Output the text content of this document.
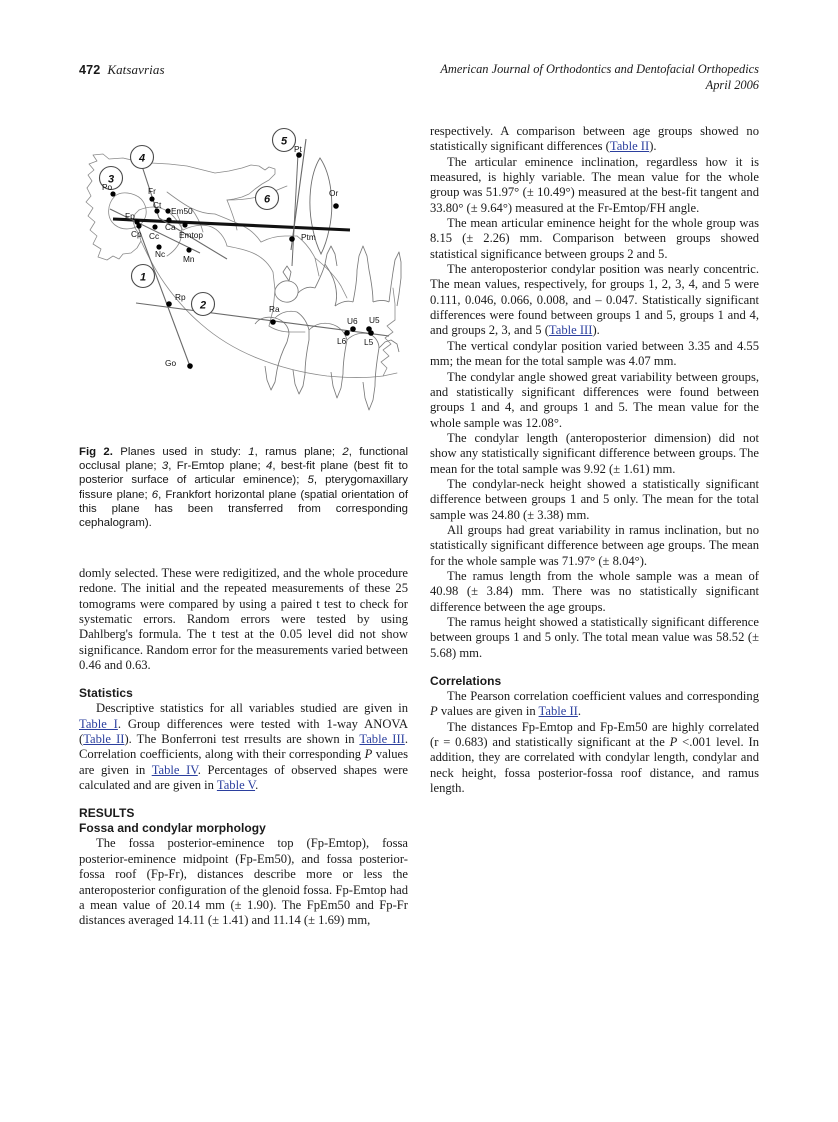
472 Katsavrias	American Journal of Orthodontics and Dentofacial Orthopedics
April 2006
3
4
5
6
1
2
Po	Fr
Fp
Cp Cc
Ct
Ca
Em50
Emtop
Nc Mn
Pt
Or
Ptm
Rp
Ra
Go
U6 U5
L6 L5
Fig 2. Planes used in study: 1, ramus plane; 2, functional occlusal plane; 3, Fr-Emtop plane; 4, best-fit plane (best fit to posterior surface of articular eminence); 5, pterygomaxillary fissure plane; 6, Frankfort horizontal plane (spatial orientation of this plane has been transferred from corresponding cephalogram).

domly selected. These were redigitized, and the whole procedure redone. The initial and the repeated measurements of these 25 tomograms were compared by using a paired t test to check for systematic errors. Random errors were tested by using Dahlberg's formula. The t test at the 0.05 level did not show significance. Random error for the measurements varied between 0.46 and 0.63.

Statistics

Descriptive statistics for all variables studied are given in Table I. Group differences were tested with 1-way ANOVA (Table II). The Bonferroni test rresults are shown in Table III. Correlation coefficients, along with their corresponding P values are given in Table IV. Percentages of observed shapes were calculated and are given in Table V.

RESULTS
Fossa and condylar morphology

The fossa posterior-eminence top (Fp-Emtop), fossa posterior-eminence midpoint (Fp-Em50), and fossa posterior-fossa roof (Fp-Fr), distances describe more or less the anteroposterior configuration of the glenoid fossa. Fp-Emtop had a mean value of 20.14 mm (± 1.90). The FpEm50 and Fp-Fr distances averaged 14.11 (± 1.41) and 11.14 (± 1.69) mm,

respectively. A comparison between age groups showed no statistically significant differences (Table II).

The articular eminence inclination, regardless how it is measured, is highly variable. The mean value for the whole group was 51.97° (± 10.49°) measured at the best-fit tangent and 33.80° (± 9.64°) measured at the Fr-Emtop/FH angle.

The mean articular eminence height for the whole group was 8.15 (± 2.26) mm. Comparison between groups showed statistical significance between groups 2 and 5.

The anteroposterior condylar position was nearly concentric. The mean values, respectively, for groups 1, 2, 3, 4, and 5 were 0.111, 0.046, 0.066, 0.008, and – 0.047. Statistically significant differences were found between groups 1 and 5, groups 1 and 4, and groups 2, 3, and 5 (Table III).

The vertical condylar position varied between 3.35 and 4.55 mm; the mean for the total sample was 4.07 mm.

The condylar angle showed great variability between groups, and statistically significant differences were found between groups 1 and 4, and groups 1 and 5. The mean value for the whole sample was 12.08°.

The condylar length (anteroposterior dimension) did not show any statistically significant difference between groups. The mean for the total sample was 9.92 (± 1.61) mm.

The condylar-neck height showed a statistically significant difference between groups 1 and 5 only. The mean for the total sample was 24.80 (± 3.38) mm.

All groups had great variability in ramus inclination, but no statistically significant difference between age groups. The mean for the whole sample was 71.97° (± 8.04°).

The ramus length from the whole sample was a mean of 40.98 (± 3.84) mm. There was no statistically significant difference between the age groups.

The ramus height showed a statistically significant difference between groups 1 and 5 only. The total mean value was 58.52 (± 5.68) mm.

Correlations

The Pearson correlation coefficient values and corresponding P values are given in Table II.

The distances Fp-Emtop and Fp-Em50 are highly correlated (r = 0.683) and statistically significant at the P <.001 level. In addition, they are correlated with condylar length, condylar and neck height, fossa posterior-fossa roof distance, and ramus length.
